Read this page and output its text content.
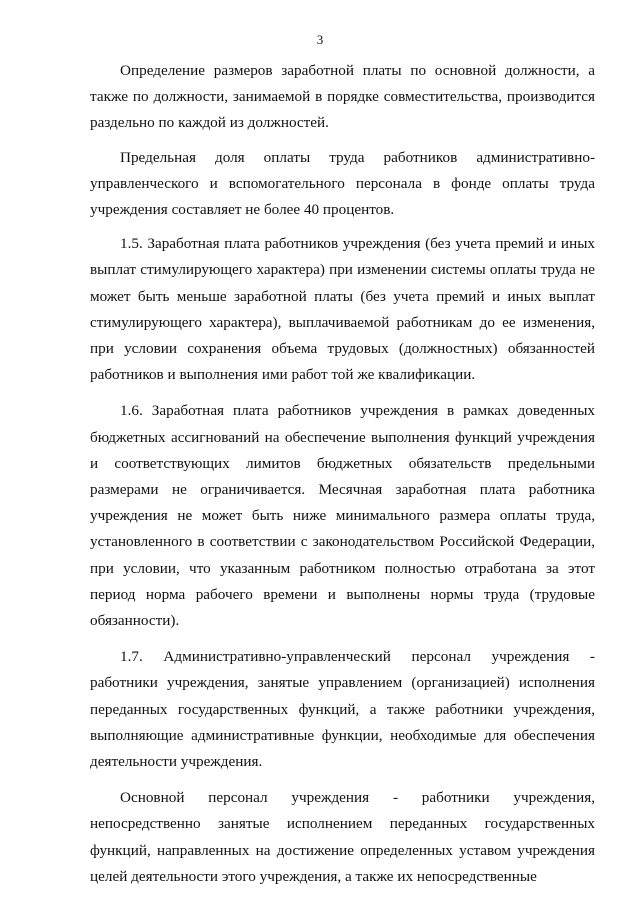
3

Определение размеров заработной платы по основной должности, а также по должности, занимаемой в порядке совместительства, производится раздельно по каждой из должностей.

Предельная доля оплаты труда работников административно-управленческого и вспомогательного персонала в фонде оплаты труда учреждения составляет не более 40 процентов.

1.5. Заработная плата работников учреждения (без учета премий и иных выплат стимулирующего характера) при изменении системы оплаты труда не может быть меньше заработной платы (без учета премий и иных выплат стимулирующего характера), выплачиваемой работникам до ее изменения, при условии сохранения объема трудовых (должностных) обязанностей работников и выполнения ими работ той же квалификации.

1.6. Заработная плата работников учреждения в рамках доведенных бюджетных ассигнований на обеспечение выполнения функций учреждения и соответствующих лимитов бюджетных обязательств предельными размерами не ограничивается. Месячная заработная плата работника учреждения не может быть ниже минимального размера оплаты труда, установленного в соответствии с законодательством Российской Федерации, при условии, что указанным работником полностью отработана за этот период норма рабочего времени и выполнены нормы труда (трудовые обязанности).

1.7. Административно-управленческий персонал учреждения - работники учреждения, занятые управлением (организацией) исполнения переданных государственных функций, а также работники учреждения, выполняющие административные функции, необходимые для обеспечения деятельности учреждения.

Основной персонал учреждения - работники учреждения, непосредственно занятые исполнением переданных государственных функций, направленных на достижение определенных уставом учреждения целей деятельности этого учреждения, а также их непосредственные
